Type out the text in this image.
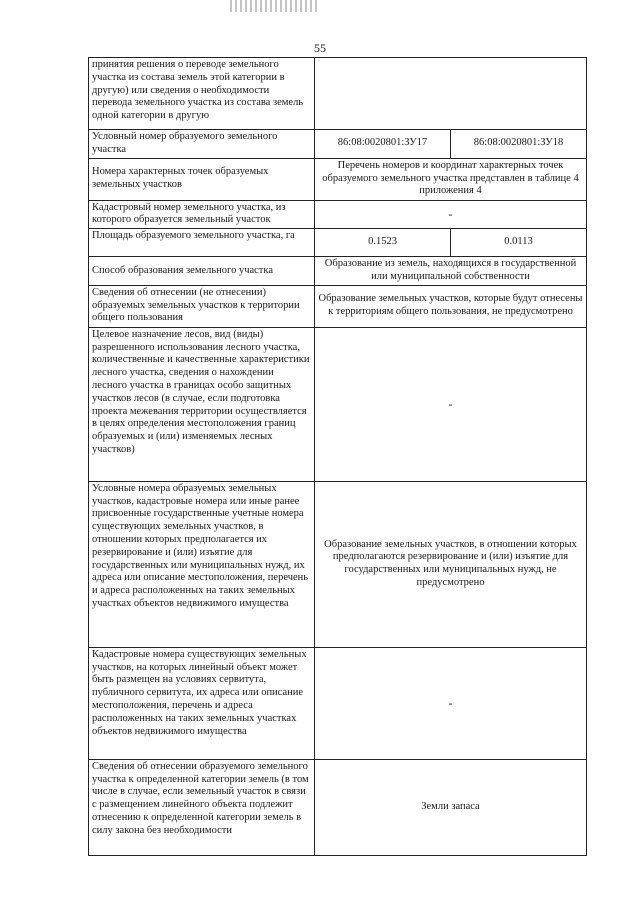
55
принятия решения о переводе земельного участка из состава земель этой категории в другую) или сведения о необходимости перевода земельного участка из состава земель одной категории в другую		
Условный номер образуемого земельного участка	86:08:0020801:ЗУ17	86:08:0020801:ЗУ18
Номера характерных точек образуемых земельных участков	Перечень номеров и координат характерных точек образуемого земельного участка представлен в таблице 4 приложения 4	
Кадастровый номер земельного участка, из которого образуется земельный участок	-	
Площадь образуемого земельного участка, га	0.1523	0.0113
Способ образования земельного участка	Образование из земель, находящихся в государственной или муниципальной собственности	
Сведения об отнесении (не отнесении) образуемых земельных участков к территории общего пользования	Образование земельных участков, которые будут отнесены к территориям общего пользования, не предусмотрено	
Целевое назначение лесов, вид (виды) разрешенного использования лесного участка, количественные и качественные характеристики лесного участка, сведения о нахождении лесного участка в границах особо защитных участков лесов (в случае, если подготовка проекта межевания территории осуществляется в целях определения местоположения границ образуемых и (или) изменяемых лесных участков)	-	
Условные номера образуемых земельных участков, кадастровые номера или иные ранее присвоенные государственные учетные номера существующих земельных участков, в отношении которых предполагается их резервирование и (или) изъятие для государственных или муниципальных нужд, их адреса или описание местоположения, перечень и адреса расположенных на таких земельных участках объектов недвижимого имущества	Образование земельных участков, в отношении которых предполагаются резервирование и (или) изъятие для государственных или муниципальных нужд, не предусмотрено	
Кадастровые номера существующих земельных участков, на которых линейный объект может быть размещен на условиях сервитута, публичного сервитута, их адреса или описание местоположения, перечень и адреса расположенных на таких земельных участках объектов недвижимого имущества	-	
Сведения об отнесении образуемого земельного участка к определенной категории земель (в том числе в случае, если земельный участок в связи с размещением линейного объекта подлежит отнесению к определенной категории земель в силу закона без необходимости	Земли запаса	
